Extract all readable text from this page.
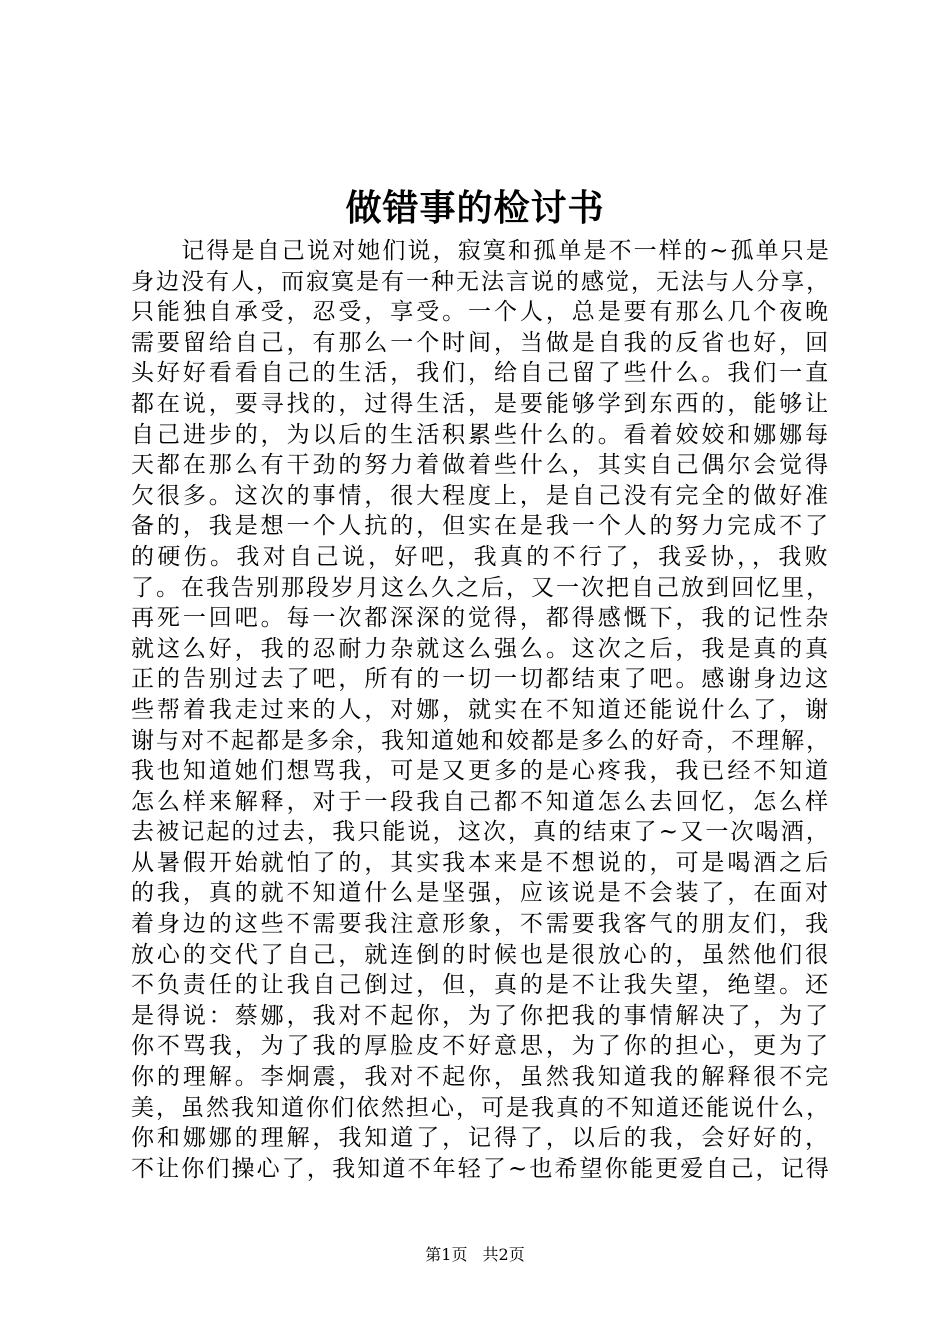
做错事的检讨书
　　记得是自己说对她们说，寂寞和孤单是不一样的~孤单只是
身边没有人，而寂寞是有一种无法言说的感觉，无法与人分享，
只能独自承受，忍受，享受。一个人，总是要有那么几个夜晚
需要留给自己，有那么一个时间，当做是自我的反省也好，回
头好好看看自己的生活，我们，给自己留了些什么。我们一直
都在说，要寻找的，过得生活，是要能够学到东西的，能够让
自己进步的，为以后的生活积累些什么的。看着姣姣和娜娜每
天都在那么有干劲的努力着做着些什么，其实自己偶尔会觉得
欠很多。这次的事情，很大程度上，是自己没有完全的做好准
备的，我是想一个人抗的，但实在是我一个人的努力完成不了
的硬伤。我对自己说，好吧，我真的不行了，我妥协，，我败
了。在我告别那段岁月这么久之后，又一次把自己放到回忆里，
再死一回吧。每一次都深深的觉得，都得感慨下，我的记性杂
就这么好，我的忍耐力杂就这么强么。这次之后，我是真的真
正的告别过去了吧，所有的一切一切都结束了吧。感谢身边这
些帮着我走过来的人，对娜，就实在不知道还能说什么了，谢
谢与对不起都是多余，我知道她和姣都是多么的好奇，不理解，
我也知道她们想骂我，可是又更多的是心疼我，我已经不知道
怎么样来解释，对于一段我自己都不知道怎么去回忆，怎么样
去被记起的过去，我只能说，这次，真的结束了~又一次喝酒，
从暑假开始就怕了的，其实我本来是不想说的，可是喝酒之后
的我，真的就不知道什么是坚强，应该说是不会装了，在面对
着身边的这些不需要我注意形象，不需要我客气的朋友们，我
放心的交代了自己，就连倒的时候也是很放心的，虽然他们很
不负责任的让我自己倒过，但，真的是不让我失望，绝望。还
是得说：蔡娜，我对不起你，为了你把我的事情解决了，为了
你不骂我，为了我的厚脸皮不好意思，为了你的担心，更为了
你的理解。李炯震，我对不起你，虽然我知道我的解释很不完
美，虽然我知道你们依然担心，可是我真的不知道还能说什么，
你和娜娜的理解，我知道了，记得了，以后的我，会好好的，
不让你们操心了，我知道不年轻了~也希望你能更爱自己，记得
第1页 共2页
